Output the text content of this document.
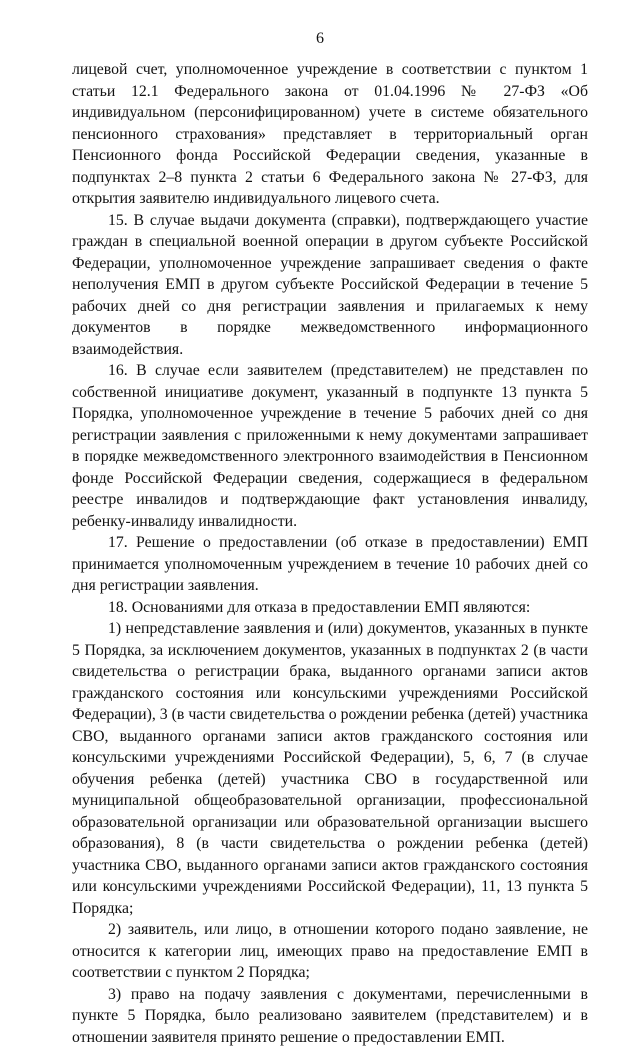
6

лицевой счет, уполномоченное учреждение в соответствии с пунктом 1 статьи 12.1 Федерального закона от 01.04.1996 № 27-ФЗ «Об индивидуальном (персонифицированном) учете в системе обязательного пенсионного страхования» представляет в территориальный орган Пенсионного фонда Российской Федерации сведения, указанные в подпунктах 2–8 пункта 2 статьи 6 Федерального закона № 27-ФЗ, для открытия заявителю индивидуального лицевого счета.

15. В случае выдачи документа (справки), подтверждающего участие граждан в специальной военной операции в другом субъекте Российской Федерации, уполномоченное учреждение запрашивает сведения о факте неполучения ЕМП в другом субъекте Российской Федерации в течение 5 рабочих дней со дня регистрации заявления и прилагаемых к нему документов в порядке межведомственного информационного взаимодействия.

16. В случае если заявителем (представителем) не представлен по собственной инициативе документ, указанный в подпункте 13 пункта 5 Порядка, уполномоченное учреждение в течение 5 рабочих дней со дня регистрации заявления с приложенными к нему документами запрашивает в порядке межведомственного электронного взаимодействия в Пенсионном фонде Российской Федерации сведения, содержащиеся в федеральном реестре инвалидов и подтверждающие факт установления инвалиду, ребенку-инвалиду инвалидности.

17. Решение о предоставлении (об отказе в предоставлении) ЕМП принимается уполномоченным учреждением в течение 10 рабочих дней со дня регистрации заявления.

18. Основаниями для отказа в предоставлении ЕМП являются:

1) непредставление заявления и (или) документов, указанных в пункте 5 Порядка, за исключением документов, указанных в подпунктах 2 (в части свидетельства о регистрации брака, выданного органами записи актов гражданского состояния или консульскими учреждениями Российской Федерации), 3 (в части свидетельства о рождении ребенка (детей) участника СВО, выданного органами записи актов гражданского состояния или консульскими учреждениями Российской Федерации), 5, 6, 7 (в случае обучения ребенка (детей) участника СВО в государственной или муниципальной общеобразовательной организации, профессиональной образовательной организации или образовательной организации высшего образования), 8 (в части свидетельства о рождении ребенка (детей) участника СВО, выданного органами записи актов гражданского состояния или консульскими учреждениями Российской Федерации), 11, 13 пункта 5 Порядка;

2) заявитель, или лицо, в отношении которого подано заявление, не относится к категории лиц, имеющих право на предоставление ЕМП в соответствии с пунктом 2 Порядка;

3) право на подачу заявления с документами, перечисленными в пункте 5 Порядка, было реализовано заявителем (представителем) и в отношении заявителя принято решение о предоставлении ЕМП.
